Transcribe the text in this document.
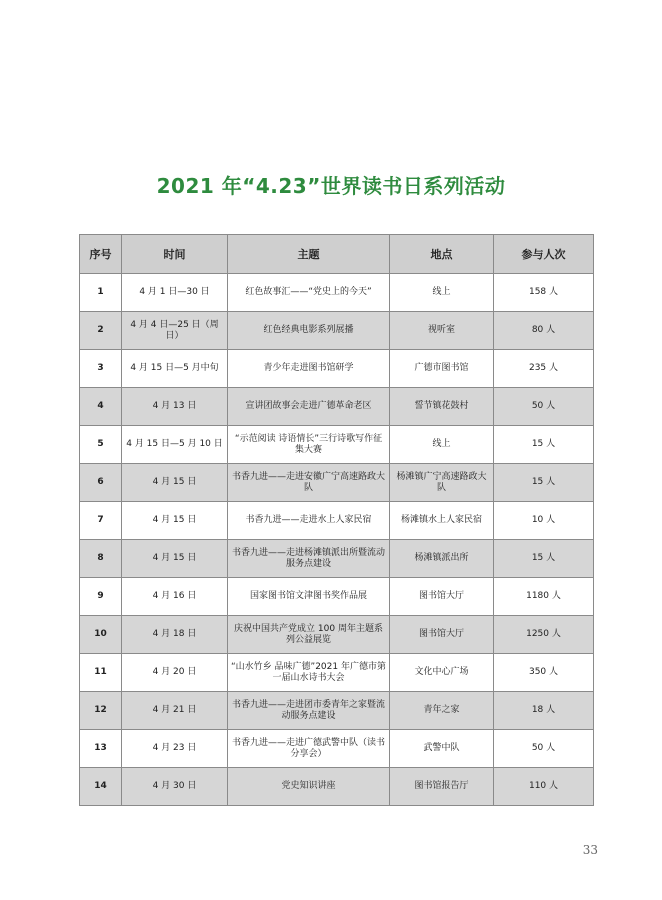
2021 年“4.23”世界读书日系列活动
序号	时间	主题	地点	参与人次
1	4 月 1 日—30 日	红色故事汇——“党史上的今天”	线上	158 人
2	4 月 4 日—25 日（周日）	红色经典电影系列展播	视听室	80 人
3	4 月 15 日—5 月中旬	青少年走进图书馆研学	广德市图书馆	235 人
4	4 月 13 日	宣讲团故事会走进广德革命老区	誓节镇花鼓村	50 人
5	4 月 15 日—5 月 10 日	“示范阅读 诗语情长”三行诗歌写作征集大赛	线上	15 人
6	4 月 15 日	书香九进——走进安徽广宁高速路政大队	杨滩镇广宁高速路政大队	15 人
7	4 月 15 日	书香九进——走进水上人家民宿	杨滩镇水上人家民宿	10 人
8	4 月 15 日	书香九进——走进杨滩镇派出所暨流动服务点建设	杨滩镇派出所	15 人
9	4 月 16 日	国家图书馆文津图书奖作品展	图书馆大厅	1180 人
10	4 月 18 日	庆祝中国共产党成立 100 周年主题系列公益展览	图书馆大厅	1250 人
11	4 月 20 日	“山水竹乡 品味广德”2021 年广德市第一届山水诗书大会	文化中心广场	350 人
12	4 月 21 日	书香九进——走进团市委青年之家暨流动服务点建设	青年之家	18 人
13	4 月 23 日	书香九进——走进广德武警中队（读书分享会）	武警中队	50 人
14	4 月 30 日	党史知识讲座	图书馆报告厅	110 人
33
